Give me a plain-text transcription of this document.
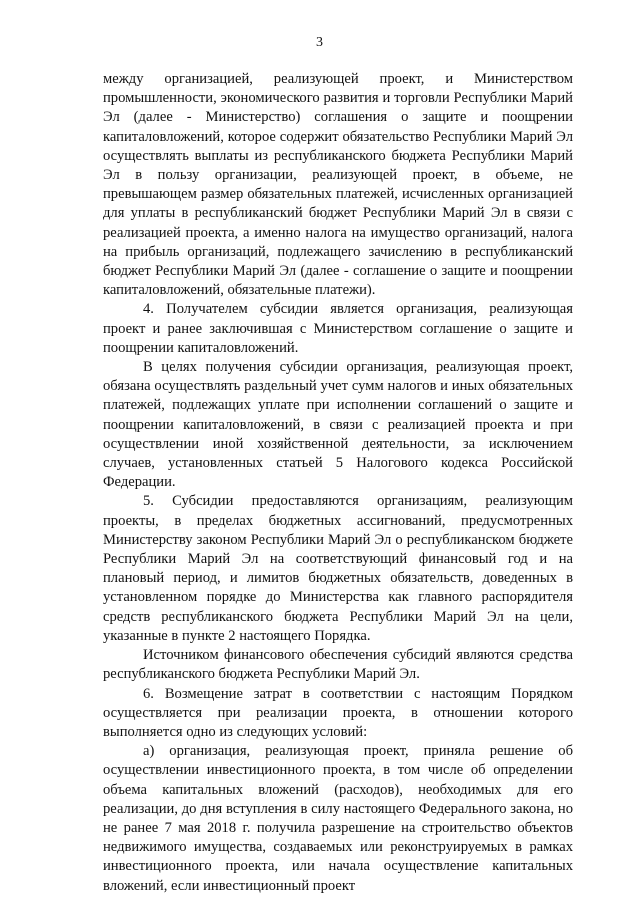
3

между организацией, реализующей проект, и Министерством промышленности, экономического развития и торговли Республики Марий Эл (далее - Министерство) соглашения о защите и поощрении капиталовложений, которое содержит обязательство Республики Марий Эл осуществлять выплаты из республиканского бюджета Республики Марий Эл в пользу организации, реализующей проект, в объеме, не превышающем размер обязательных платежей, исчисленных организацией для уплаты в республиканский бюджет Республики Марий Эл в связи с реализацией проекта, а именно налога на имущество организаций, налога на прибыль организаций, подлежащего зачислению в республиканский бюджет Республики Марий Эл (далее - соглашение о защите и поощрении капиталовложений, обязательные платежи).

4. Получателем субсидии является организация, реализующая проект и ранее заключившая с Министерством соглашение о защите и поощрении капиталовложений.

В целях получения субсидии организация, реализующая проект, обязана осуществлять раздельный учет сумм налогов и иных обязательных платежей, подлежащих уплате при исполнении соглашений о защите и поощрении капиталовложений, в связи с реализацией проекта и при осуществлении иной хозяйственной деятельности, за исключением случаев, установленных статьей 5 Налогового кодекса Российской Федерации.

5. Субсидии предоставляются организациям, реализующим проекты, в пределах бюджетных ассигнований, предусмотренных Министерству законом Республики Марий Эл о республиканском бюджете Республики Марий Эл на соответствующий финансовый год и на плановый период, и лимитов бюджетных обязательств, доведенных в установленном порядке до Министерства как главного распорядителя средств республиканского бюджета Республики Марий Эл на цели, указанные в пункте 2 настоящего Порядка.

Источником финансового обеспечения субсидий являются средства республиканского бюджета Республики Марий Эл.

6. Возмещение затрат в соответствии с настоящим Порядком осуществляется при реализации проекта, в отношении которого выполняется одно из следующих условий:

а) организация, реализующая проект, приняла решение об осуществлении инвестиционного проекта, в том числе об определении объема капитальных вложений (расходов), необходимых для его реализации, до дня вступления в силу настоящего Федерального закона, но не ранее 7 мая 2018 г. получила разрешение на строительство объектов недвижимого имущества, создаваемых или реконструируемых в рамках инвестиционного проекта, или начала осуществление капитальных вложений, если инвестиционный проект
